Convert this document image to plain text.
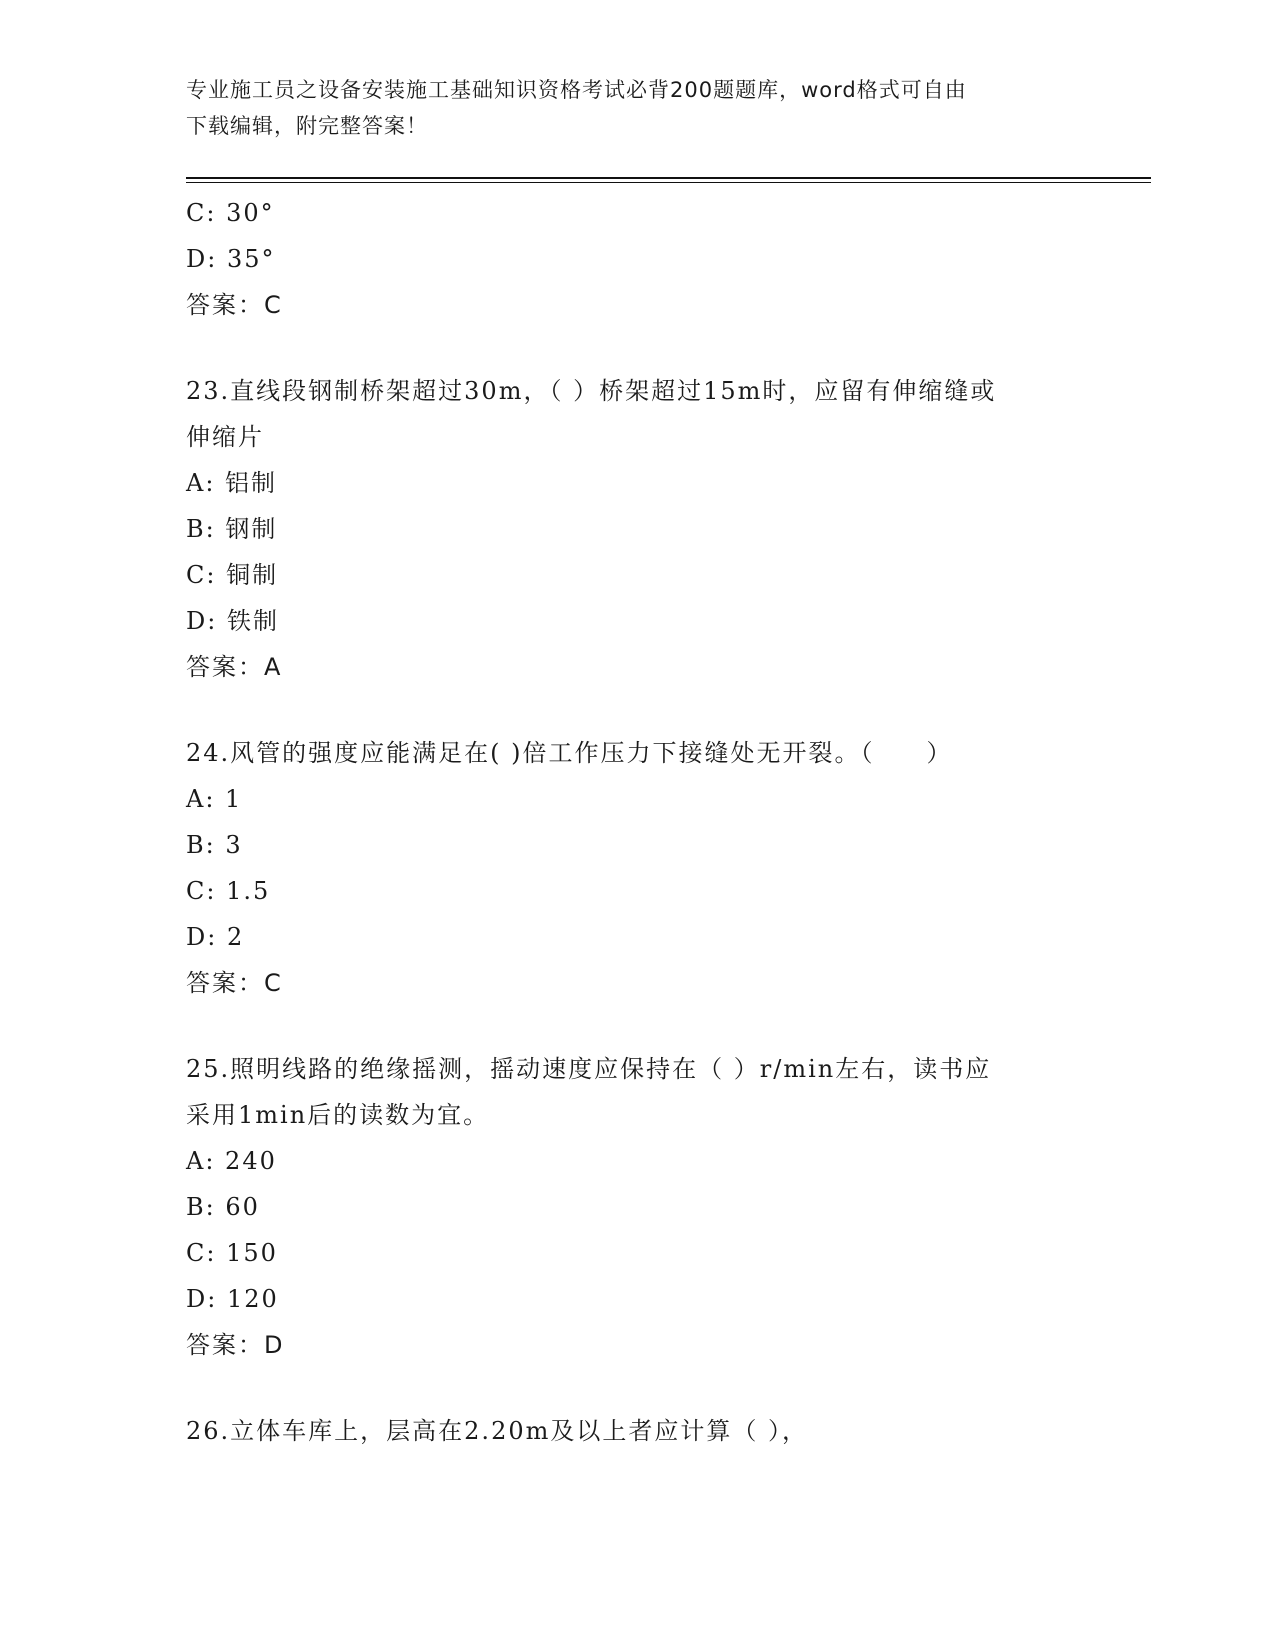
专业施工员之设备安装施工基础知识资格考试必背200题题库，word格式可自由
下载编辑，附完整答案！
C: 30°
D: 35°
答案：C
23.直线段钢制桥架超过30m，（ ）桥架超过15m时，应留有伸缩缝或
伸缩片
A: 铝制
B: 钢制
C: 铜制
D: 铁制
答案：A
24.风管的强度应能满足在( )倍工作压力下接缝处无开裂。（　　）
A: 1
B: 3
C: 1.5
D: 2
答案：C
25.照明线路的绝缘摇测，摇动速度应保持在（ ）r/min左右，读书应
采用1min后的读数为宜。
A: 240
B: 60
C: 150
D: 120
答案：D
26.立体车库上，层高在2.20m及以上者应计算（ ），
